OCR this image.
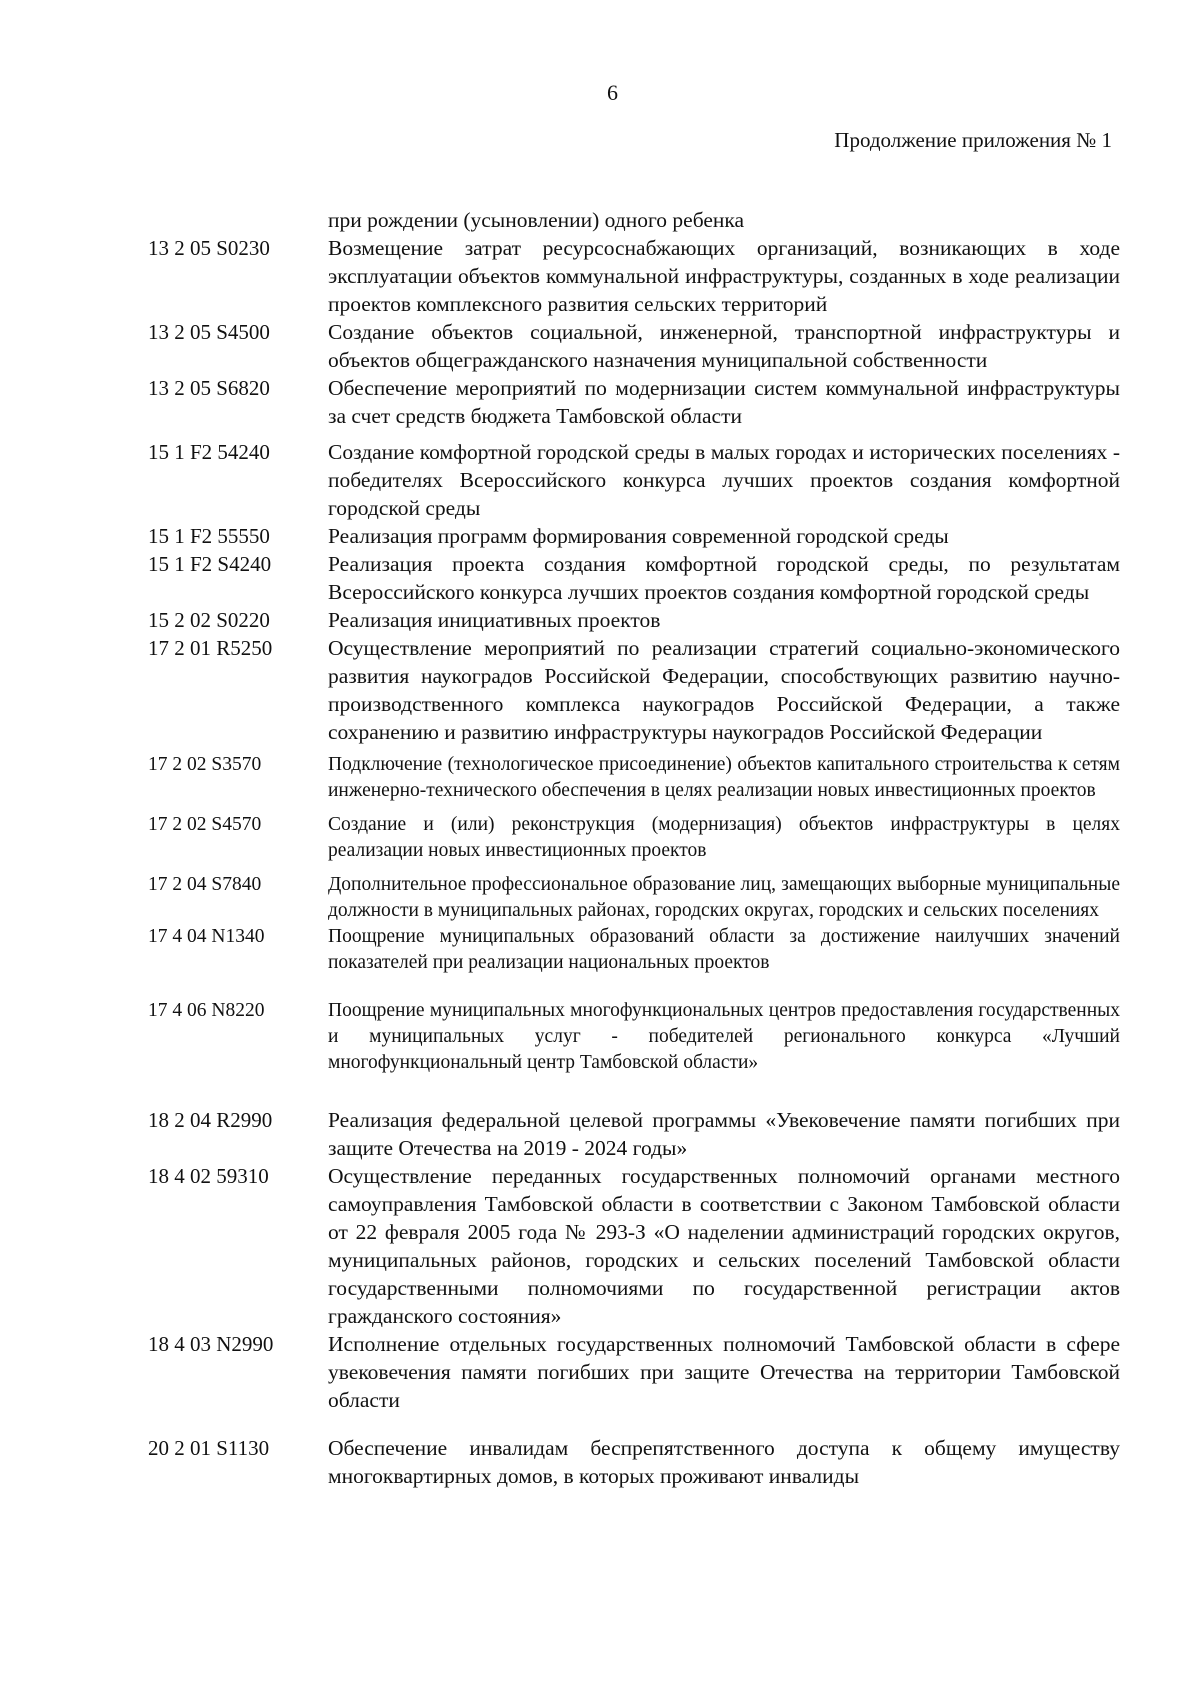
6
Продолжение приложения № 1
при рождении (усыновлении) одного ребенка
13 2 05 S0230	Возмещение затрат ресурсоснабжающих организаций, возникающих в ходе эксплуатации объектов коммунальной инфраструктуры, созданных в ходе реализации проектов комплексного развития сельских территорий
13 2 05 S4500	Создание объектов социальной, инженерной, транспортной инфраструктуры и объектов общегражданского назначения муниципальной собственности
13 2 05 S6820	Обеспечение мероприятий по модернизации систем коммунальной инфраструктуры за счет средств бюджета Тамбовской области
15 1 F2 54240	Создание комфортной городской среды в малых городах и исторических поселениях - победителях Всероссийского конкурса лучших проектов создания комфортной городской среды
15 1 F2 55550	Реализация программ формирования современной городской среды
15 1 F2 S4240	Реализация проекта создания комфортной городской среды, по результатам Всероссийского конкурса лучших проектов создания комфортной городской среды
15 2 02 S0220	Реализация инициативных проектов
17 2 01 R5250	Осуществление мероприятий по реализации стратегий социально-экономического развития наукоградов Российской Федерации, способствующих развитию научно-производственного комплекса наукоградов Российской Федерации, а также сохранению и развитию инфраструктуры наукоградов Российской Федерации
17 2 02 S3570	Подключение (технологическое присоединение) объектов капитального строительства к сетям инженерно-технического обеспечения в целях реализации новых инвестиционных проектов
17 2 02 S4570	Создание и (или) реконструкция (модернизация) объектов инфраструктуры в целях реализации новых инвестиционных проектов
17 2 04 S7840	Дополнительное профессиональное образование лиц, замещающих выборные муниципальные должности в муниципальных районах, городских округах, городских и сельских поселениях
17 4 04 N1340	Поощрение муниципальных образований области за достижение наилучших значений показателей при реализации национальных проектов
17 4 06 N8220	Поощрение муниципальных многофункциональных центров предоставления государственных и муниципальных услуг - победителей регионального конкурса «Лучший многофункциональный центр Тамбовской области»
18 2 04 R2990	Реализация федеральной целевой программы «Увековечение памяти погибших при защите Отечества на 2019 - 2024 годы»
18 4 02 59310	Осуществление переданных государственных полномочий органами местного самоуправления Тамбовской области в соответствии с Законом Тамбовской области от 22 февраля 2005 года № 293-З «О наделении администраций городских округов, муниципальных районов, городских и сельских поселений Тамбовской области государственными полномочиями по государственной регистрации актов гражданского состояния»
18 4 03 N2990	Исполнение отдельных государственных полномочий Тамбовской области в сфере увековечения памяти погибших при защите Отечества на территории Тамбовской области
20 2 01 S1130	Обеспечение инвалидам беспрепятственного доступа к общему имуществу многоквартирных домов, в которых проживают инвалиды
